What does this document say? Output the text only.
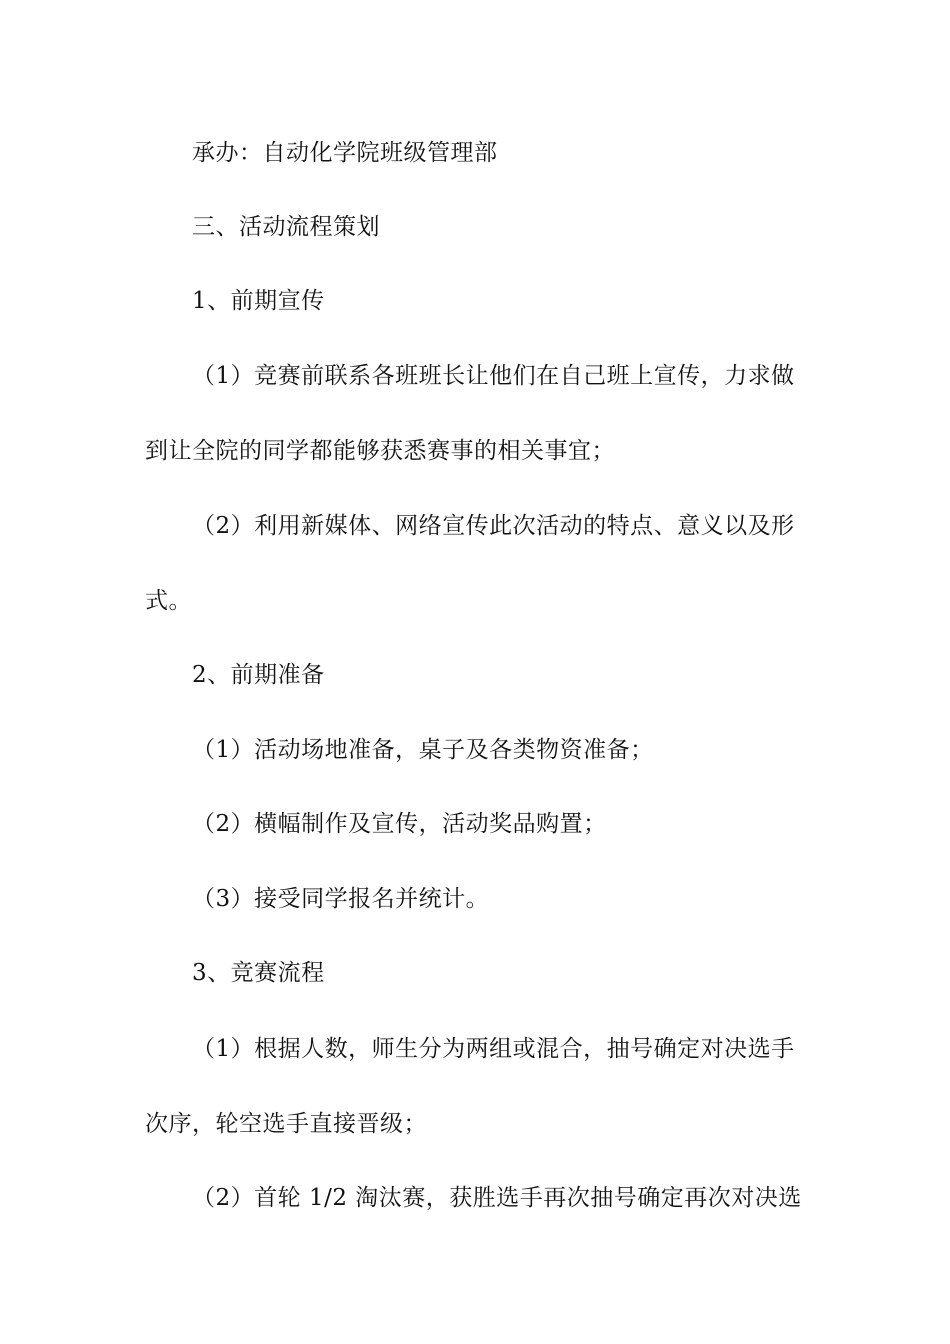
承办：自动化学院班级管理部
三、活动流程策划
1、前期宣传
（1）竞赛前联系各班班长让他们在自己班上宣传，力求做
到让全院的同学都能够获悉赛事的相关事宜；
（2）利用新媒体、网络宣传此次活动的特点、意义以及形
式。
2、前期准备
（1）活动场地准备，桌子及各类物资准备；
（2）横幅制作及宣传，活动奖品购置；
（3）接受同学报名并统计。
3、竞赛流程
（1）根据人数，师生分为两组或混合，抽号确定对决选手
次序，轮空选手直接晋级；
（2）首轮 1/2 淘汰赛，获胜选手再次抽号确定再次对决选
